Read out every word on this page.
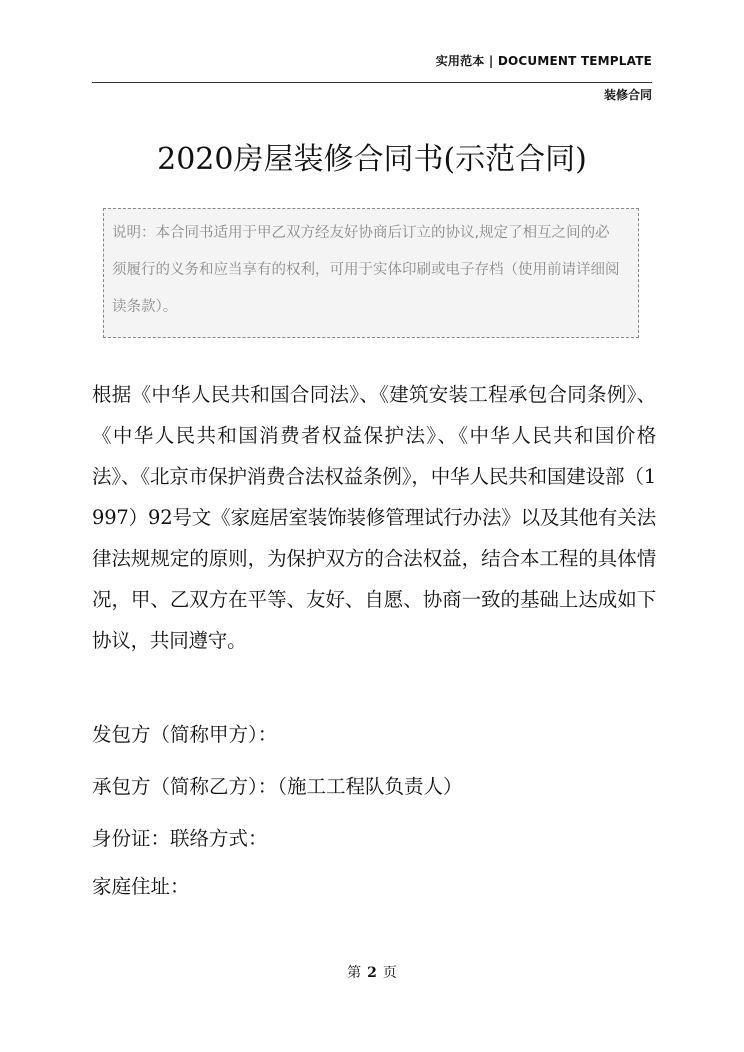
实用范本 | DOCUMENT TEMPLATE
装修合同
2020房屋装修合同书(示范合同)
说明：本合同书适用于甲乙双方经友好协商后订立的协议,规定了相互之间的必须履行的义务和应当享有的权利，可用于实体印刷或电子存档（使用前请详细阅读条款）。

根据《中华人民共和国合同法》、《建筑安装工程承包合同条例》、《中华人民共和国消费者权益保护法》、《中华人民共和国价格法》、《北京市保护消费合法权益条例》，中华人民共和国建设部（1997）92号文《家庭居室装饰装修管理试行办法》以及其他有关法律法规规定的原则，为保护双方的合法权益，结合本工程的具体情况，甲、乙双方在平等、友好、自愿、协商一致的基础上达成如下协议，共同遵守。

发包方（简称甲方）：

承包方（简称乙方）：（施工工程队负责人）

身份证：联络方式：

家庭住址：

第 2 页
